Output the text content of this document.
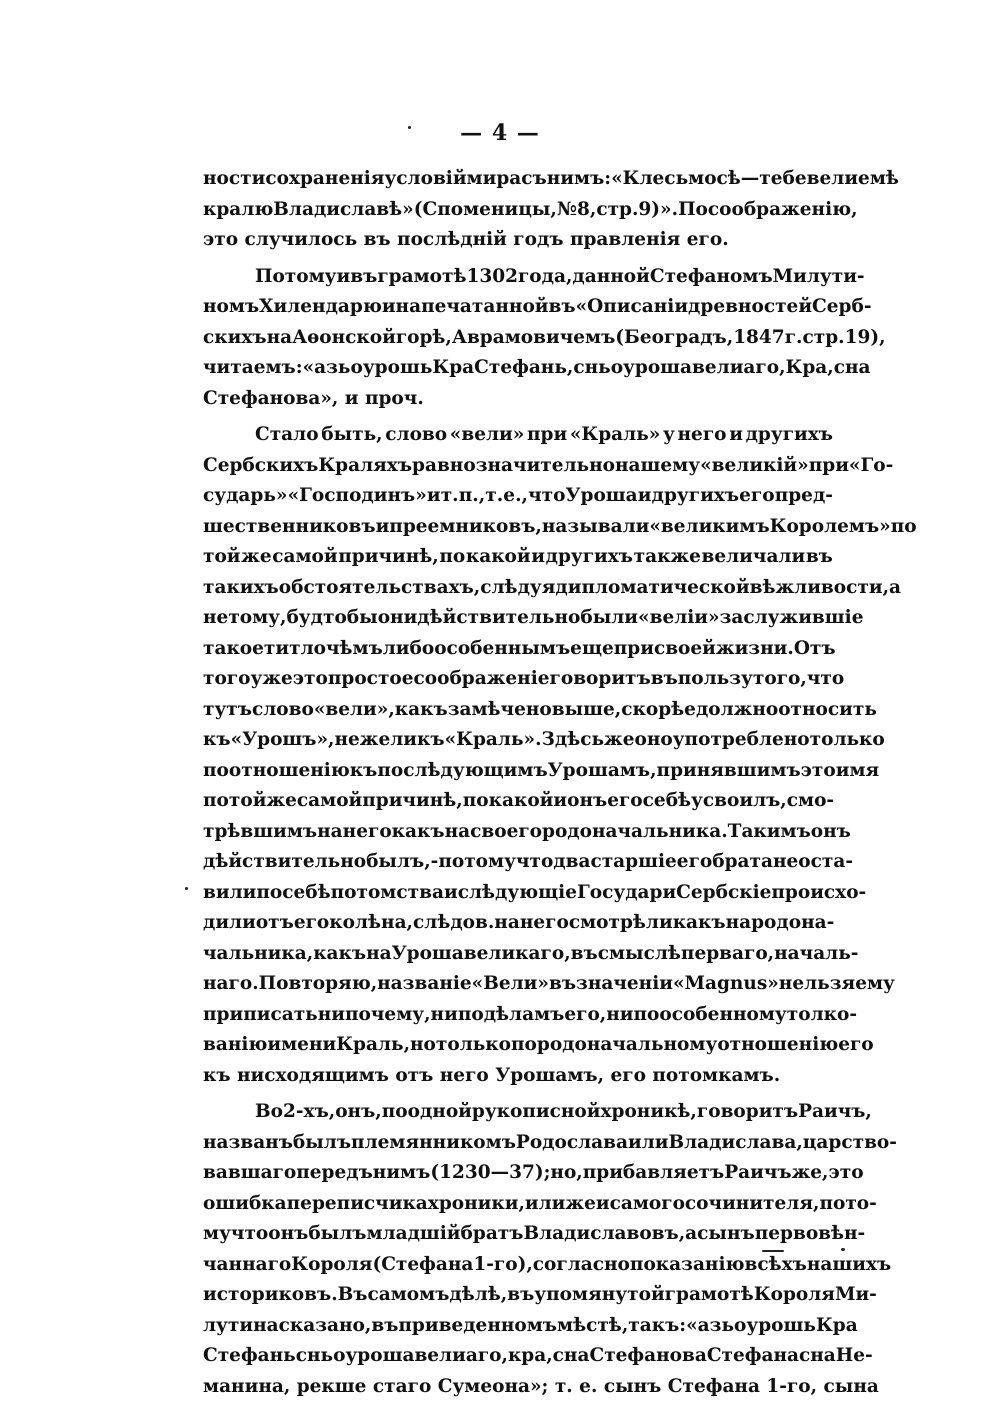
— 4 —
ности сохраненія условій мира съ нимъ: «Клесьмосѣ—тебе велиемѣ
кралю Владиславѣ» (Споменицы, № 8, стр. 9)». По соображенію,
это случилось въ послѣдній годъ правленія его.
Потому и въ грамотѣ 1302 года, данной Стефаномъ Милути-
номъ Хилендарю и напечатанной въ «Описаніи древностей Серб-
скихъ на Аѳонской горѣ, Аврамовичемъ (Београдъ, 1847 г. стр. 19),
читаемъ: «азь оурошь Кра Стефань, снь оуроша велиаго, Кра, сна
Стефанова», и проч.
Стало быть, слово «вели» при «Краль» у него и другихъ
Сербскихъ Краляхъ равнозначительно нашему «великій» при «Го-
сударь» «Господинъ» и т. п., т. е., что Уроша и другихъ его пред-
шественниковъ и преемниковъ, называли «великимъ Королемъ» по
той же самой причинѣ, по какой и другихъ также величали въ
такихъ обстоятельствахъ, слѣдуя дипломатической вѣжливости, а
не тому, будто бы они дѣйствительно были «веліи» заслужившіе
такое титло чѣмъ либо особеннымъ еще при своей жизни. Отъ
того уже это простое соображеніе говоритъ въ пользу того, что
тутъ слово «вели», какъ замѣчено выше, скорѣе должно относить
къ «Урошъ», нежели къ «Краль». Здѣсь же оно употреблено только
по отношенію къ послѣдующимъ Урошамъ, принявшимъ это имя
по той же самой причинѣ, по какой и онъ его себѣ усвоилъ, смо-
трѣвшимъ на него какъ на своего родоначальника. Такимъ онъ
дѣйствительно былъ,- потому что два старшіе его брата не оста-
вили по себѣ потомства и слѣдующіе Государи Сербскіе происхо-
дили отъ его колѣна, слѣдов. на него смотрѣли какъ на родона-
чальника, какъ на Уроша великаго, въ смыслѣ перваго, началь-
наго. Повторяю, названіе «Вели» въ значеніи «Magnus» нельзя ему
приписать ни почему, ни по дѣламъ его, ни по особенному толко-
ванію имени Краль, но только по родоначальному отношенію его
къ нисходящимъ отъ него Урошамъ, его потомкамъ.
Во 2-хъ, онъ, по одной рукописной хроникѣ, говоритъ Раичъ,
названъ былъ племянникомъ Родослава или Владислава, царство-
вавшаго передъ нимъ (1230—37); но, прибавляетъ Раичъ же, это
ошибка переписчика хроники, или же и самого сочинителя, пото-
му что онъ былъ младшій братъ Владиславовъ, а сынъ первовѣн-
чаннаго Короля (Стефана 1-го), согласно показанію всѣхъ нашихъ
историковъ. Въ самомъ дѣлѣ, въ упомянутой грамотѣ Короля Ми-
лутина сказано, въ приведенномъ мѣстѣ, такъ: «азь оурошь Кра
Стефань снь оуроша велиаго, кра, сна Стефанова Стефана сна Не-
манина, рекше стаго Сумеона»; т. е. сынъ Стефана 1-го, сына
